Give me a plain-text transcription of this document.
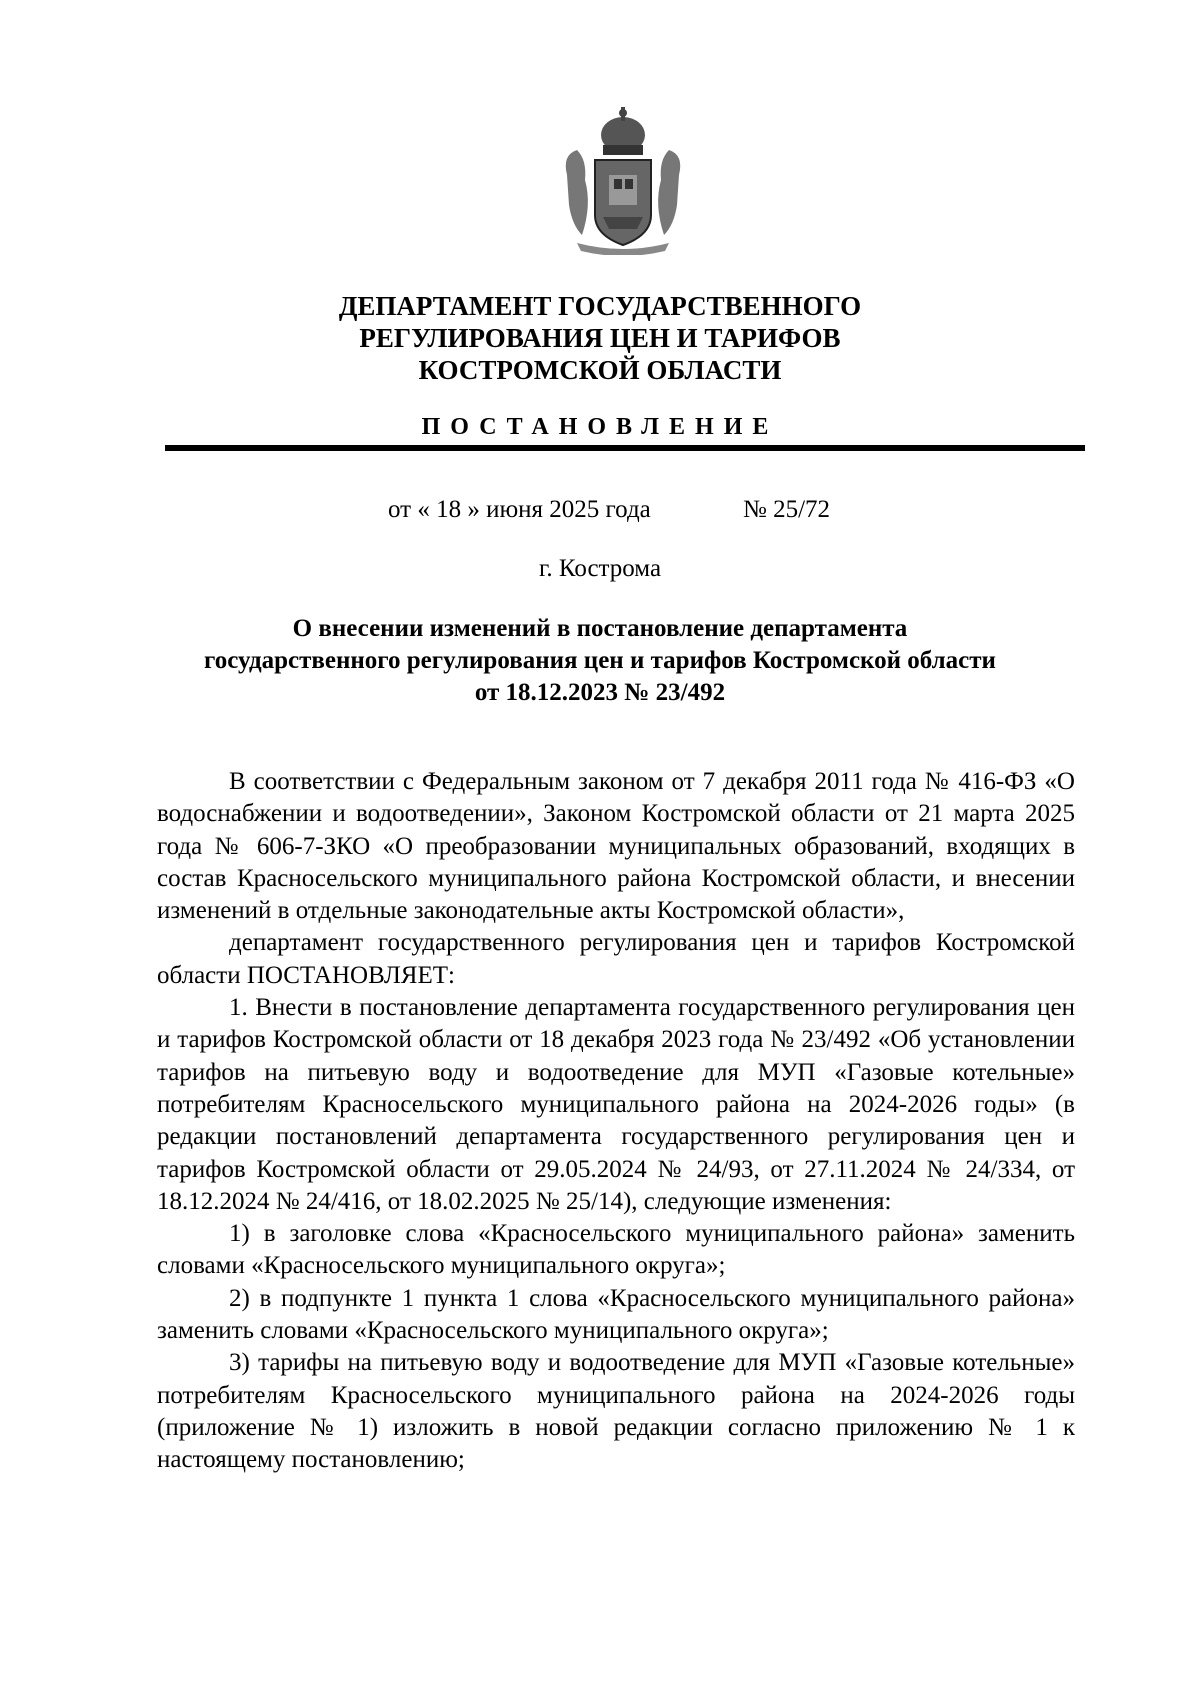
ДЕПАРТАМЕНТ ГОСУДАРСТВЕННОГО
РЕГУЛИРОВАНИЯ ЦЕН И ТАРИФОВ
КОСТРОМСКОЙ ОБЛАСТИ
ПОСТАНОВЛЕНИЕ
от « 18 » июня 2025 года	№ 25/72
г. Кострома
О внесении изменений в постановление департамента
государственного регулирования цен и тарифов Костромской области
от 18.12.2023 № 23/492

В соответствии с Федеральным законом от 7 декабря 2011 года № 416-ФЗ «О водоснабжении и водоотведении», Законом Костромской области от 21 марта 2025 года № 606-7-ЗКО «О преобразовании муниципальных образований, входящих в состав Красносельского муниципального района Костромской области, и внесении изменений в отдельные законодательные акты Костромской области»,

департамент государственного регулирования цен и тарифов Костромской области ПОСТАНОВЛЯЕТ:

1. Внести в постановление департамента государственного регулирования цен и тарифов Костромской области от 18 декабря 2023 года № 23/492 «Об установлении тарифов на питьевую воду и водоотведение для МУП «Газовые котельные» потребителям Красносельского муниципального района на 2024-2026 годы» (в редакции постановлений департамента государственного регулирования цен и тарифов Костромской области от 29.05.2024 № 24/93, от 27.11.2024 № 24/334, от 18.12.2024 № 24/416, от 18.02.2025 № 25/14), следующие изменения:

1) в заголовке слова «Красносельского муниципального района» заменить словами «Красносельского муниципального округа»;

2) в подпункте 1 пункта 1 слова «Красносельского муниципального района» заменить словами «Красносельского муниципального округа»;

3) тарифы на питьевую воду и водоотведение для МУП «Газовые котельные» потребителям Красносельского муниципального района на 2024-2026 годы (приложение № 1) изложить в новой редакции согласно приложению № 1 к настоящему постановлению;
